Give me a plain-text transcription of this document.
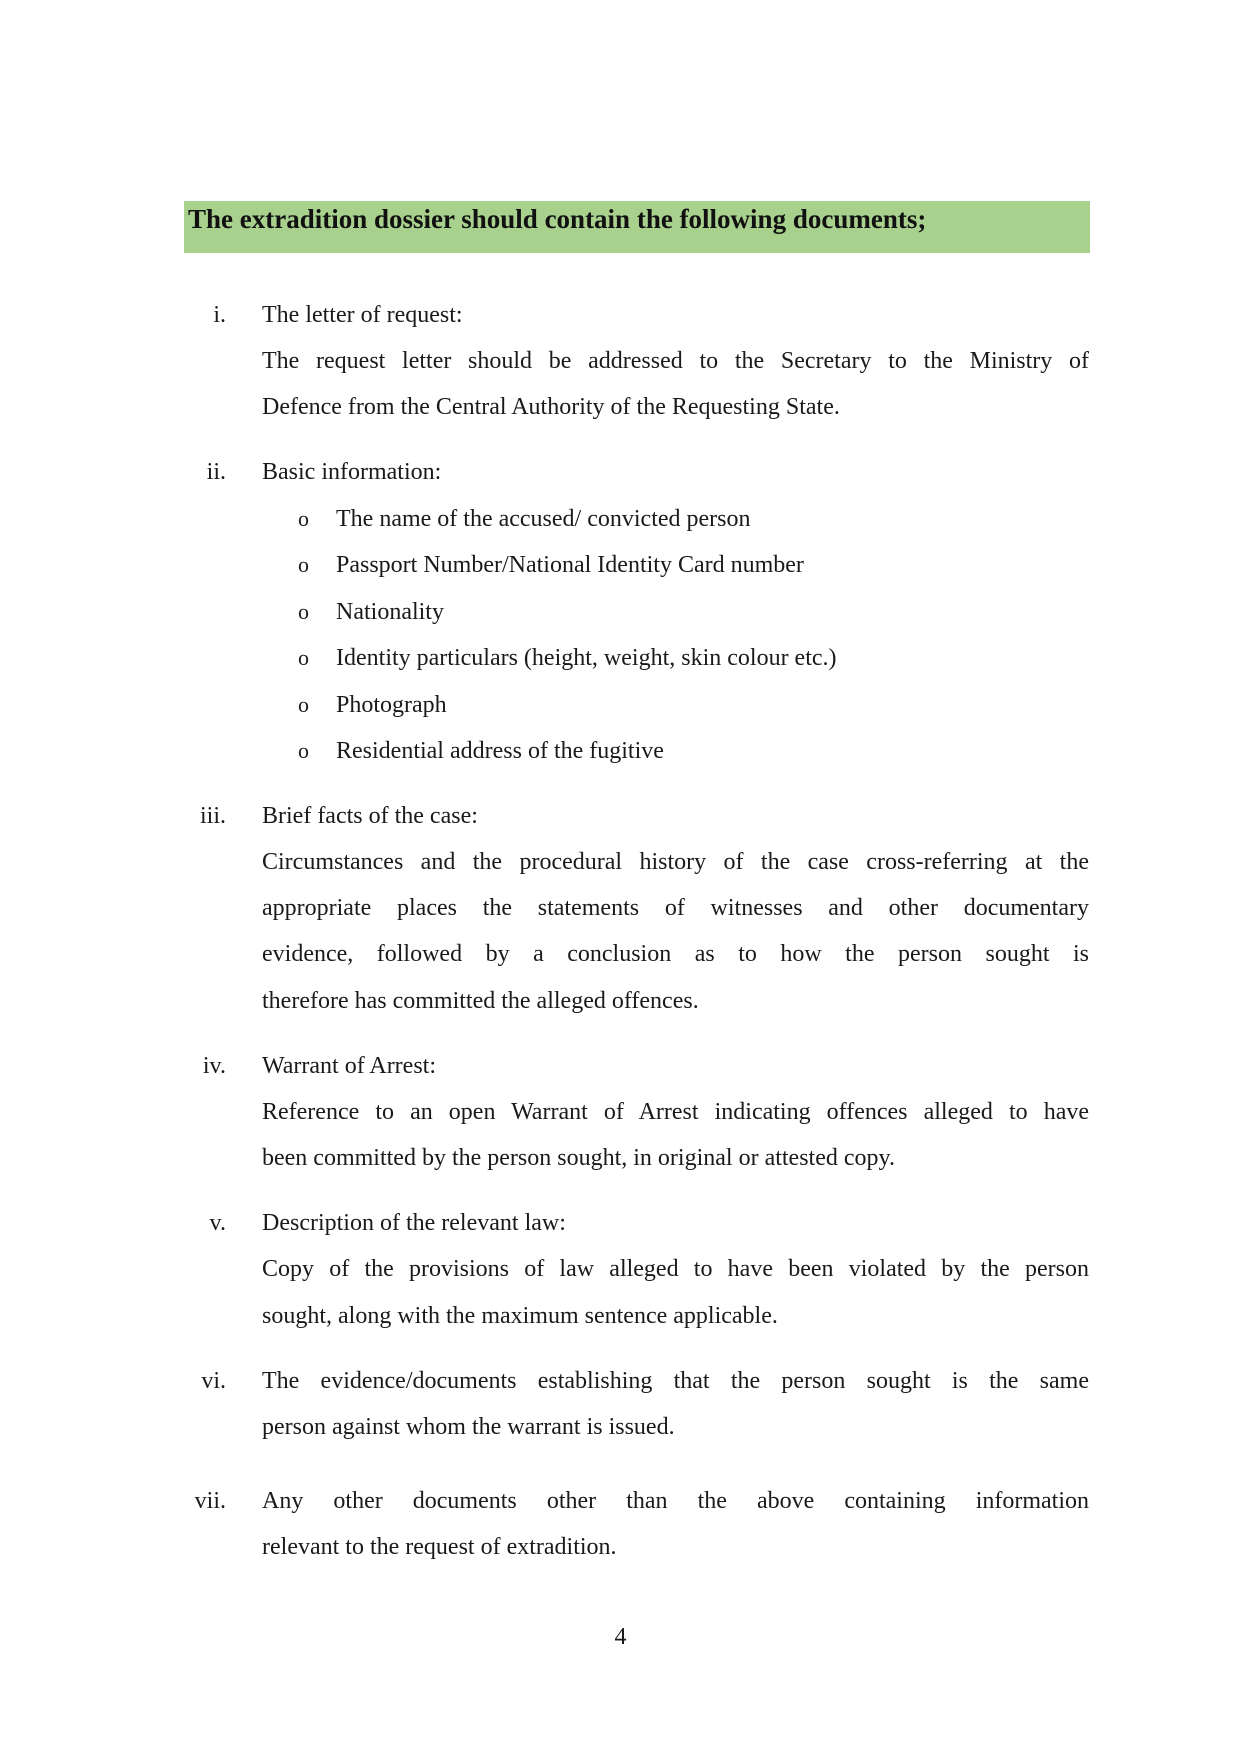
The extradition dossier should contain the following documents;
i. The letter of request:
The request letter should be addressed to the Secretary to the Ministry of
Defence from the Central Authority of the Requesting State.
ii. Basic information:
o	The name of the accused/ convicted person
o	Passport Number/National Identity Card number
o	Nationality
o	Identity particulars (height, weight, skin colour etc.)
o	Photograph
o	Residential address of the fugitive
iii. Brief facts of the case:
Circumstances and the procedural history of the case cross-referring at the
appropriate places the statements of witnesses and other documentary
evidence, followed by a conclusion as to how the person sought is
therefore has committed the alleged offences.
iv. Warrant of Arrest:
Reference to an open Warrant of Arrest indicating offences alleged to have
been committed by the person sought, in original or attested copy.
v. Description of the relevant law:
Copy of the provisions of law alleged to have been violated by the person
sought, along with the maximum sentence applicable.
vi. The evidence/documents establishing that the person sought is the same
person against whom the warrant is issued.
vii. Any other documents other than the above containing information
relevant to the request of extradition.
4
